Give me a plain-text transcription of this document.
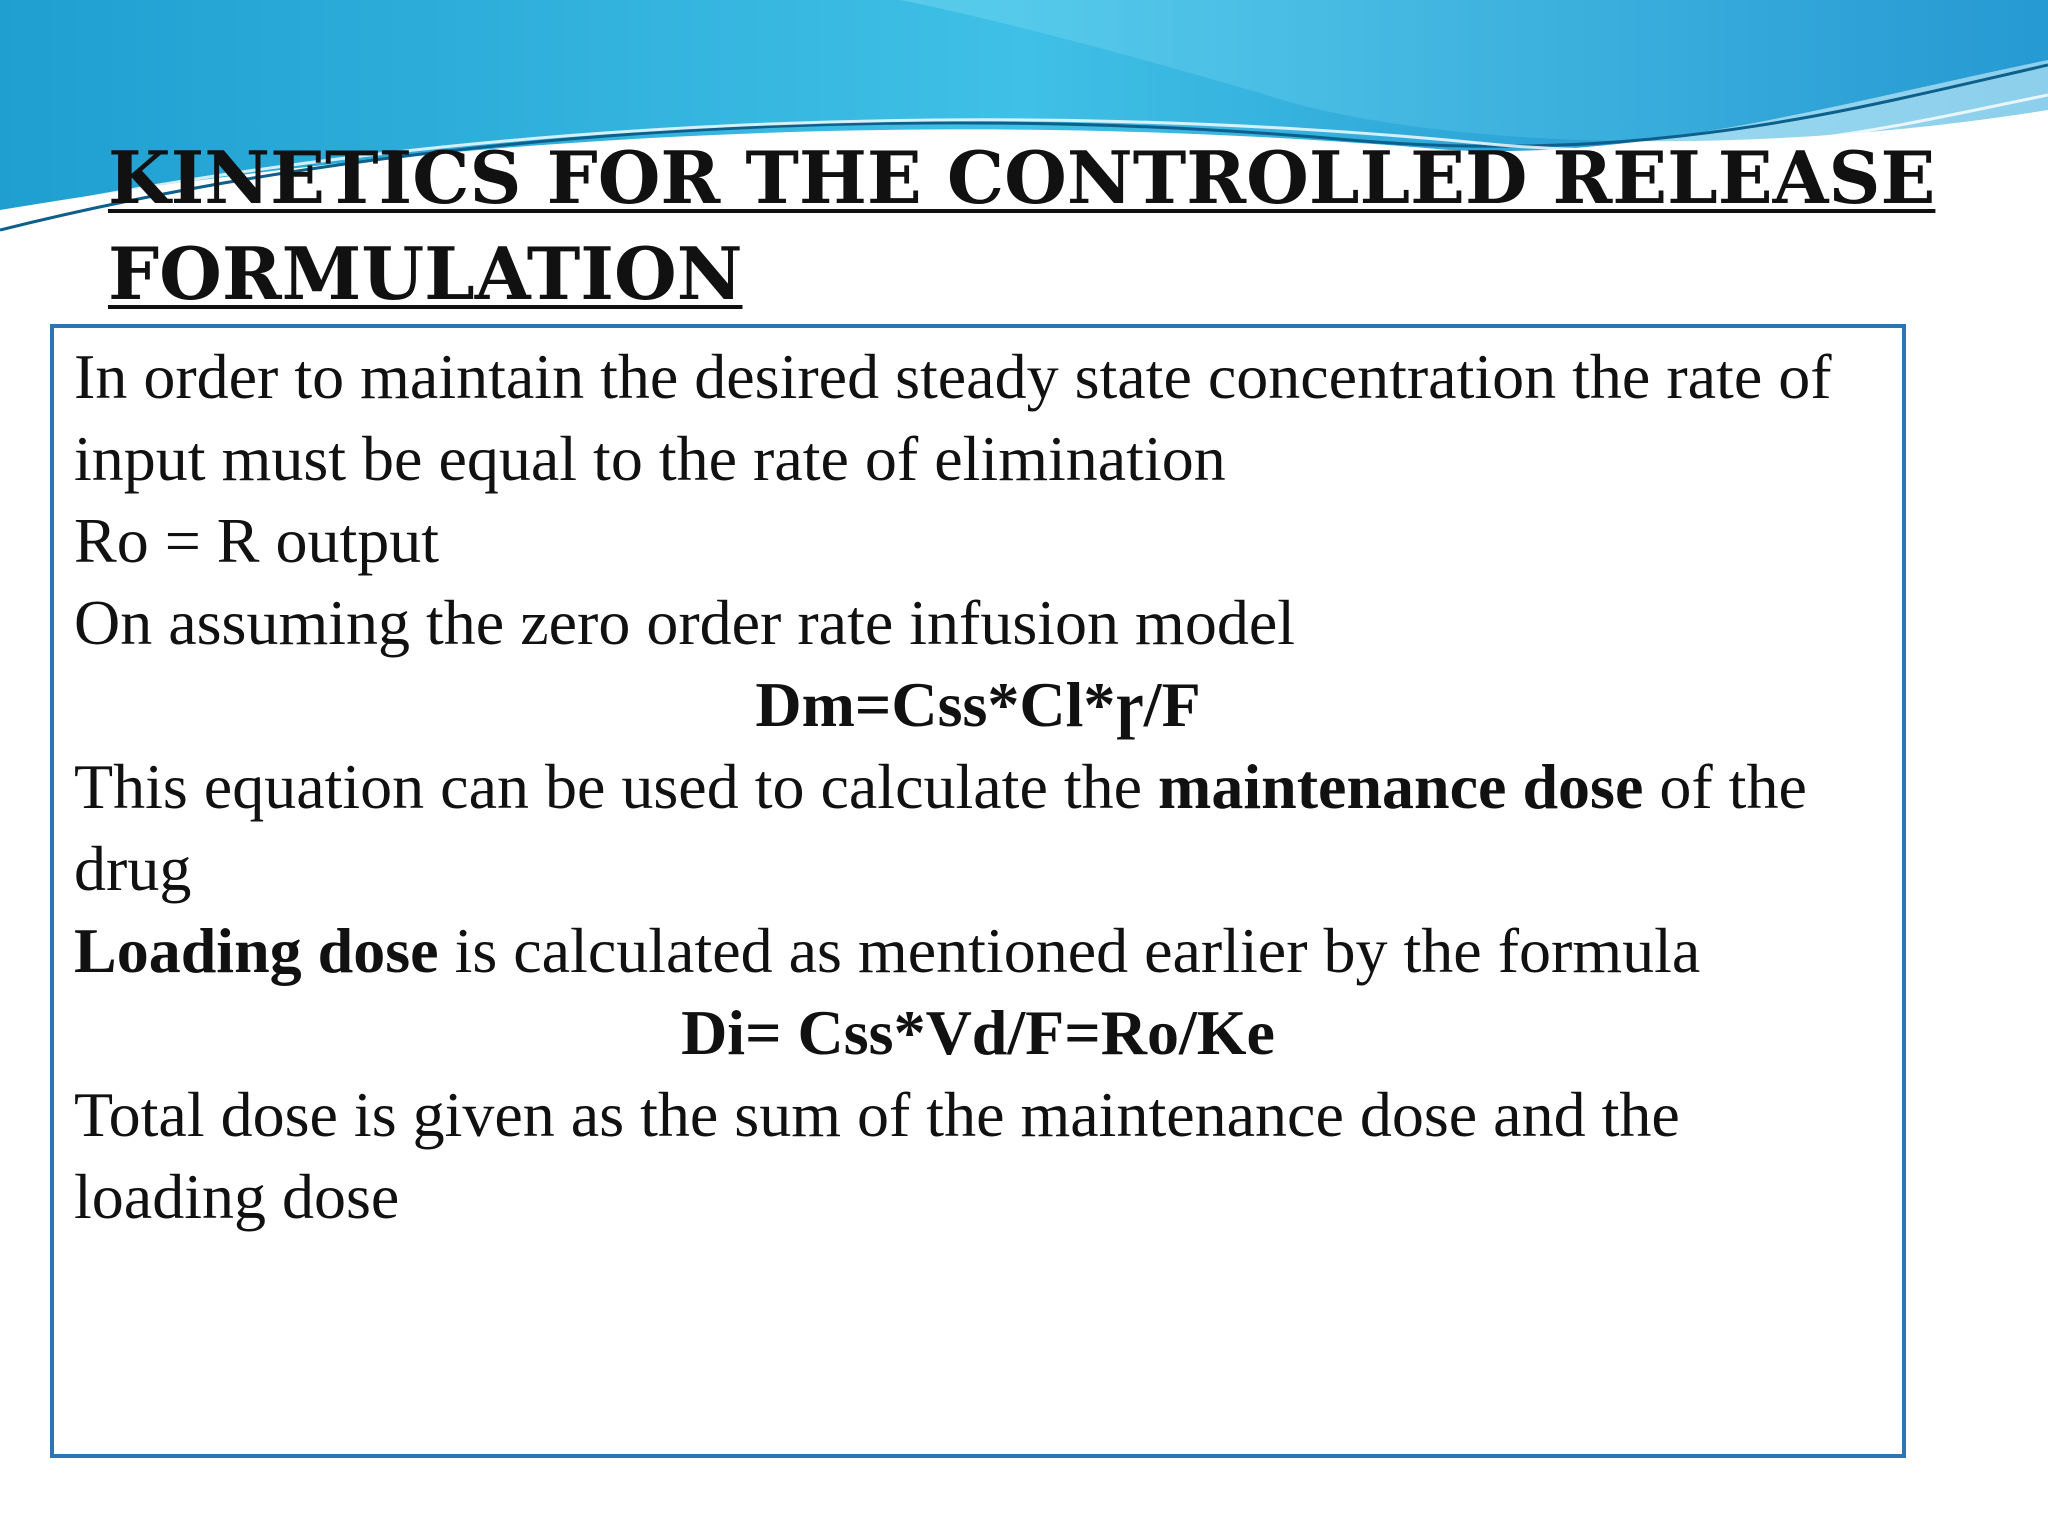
KINETICS FOR THE CONTROLLED RELEASE FORMULATION

In order to maintain the desired steady state concentration the rate of input must be equal to the rate of elimination

Ro = R output

On assuming the zero order rate infusion model

Dm=Css*Cl*ɼ/F

This equation can be used to calculate the maintenance dose of the drug

Loading dose is calculated as mentioned earlier by the formula

Di= Css*Vd/F=Ro/Ke

Total dose is given as the sum of the maintenance dose and the loading dose
